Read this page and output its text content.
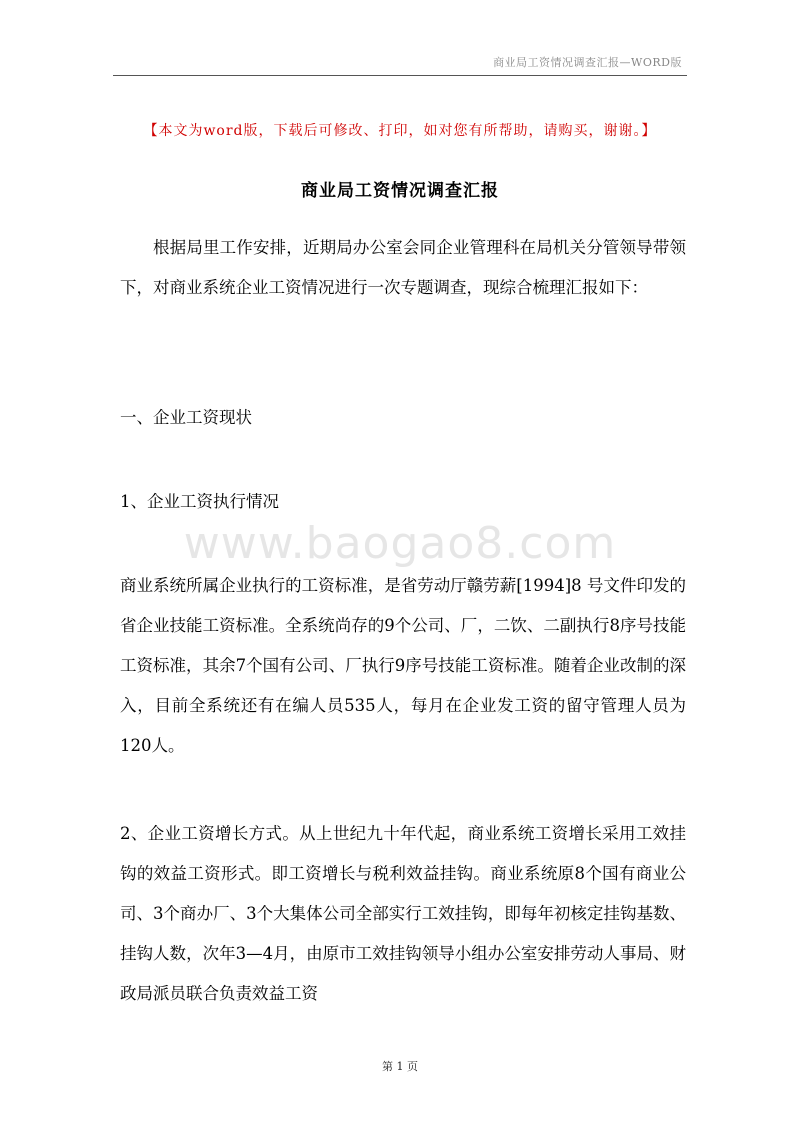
商业局工资情况调查汇报—WORD版
【本文为word版，下载后可修改、打印，如对您有所帮助，请购买，谢谢。】
商业局工资情况调查汇报

根据局里工作安排，近期局办公室会同企业管理科在局机关分管领导带领下，对商业系统企业工资情况进行一次专题调查，现综合梳理汇报如下：

一、企业工资现状

1、企业工资执行情况

www.baogao8.com

商业系统所属企业执行的工资标准，是省劳动厅赣劳薪[1994]8 号文件印发的省企业技能工资标准。全系统尚存的9个公司、厂，二饮、二副执行8序号技能工资标准，其余7个国有公司、厂执行9序号技能工资标准。随着企业改制的深入，目前全系统还有在编人员535人，每月在企业发工资的留守管理人员为120人。

2、企业工资增长方式。从上世纪九十年代起，商业系统工资增长采用工效挂钩的效益工资形式。即工资增长与税利效益挂钩。商业系统原8个国有商业公司、3个商办厂、3个大集体公司全部实行工效挂钩，即每年初核定挂钩基数、挂钩人数，次年3—4月，由原市工效挂钩领导小组办公室安排劳动人事局、财政局派员联合负责效益工资

第 1 页
